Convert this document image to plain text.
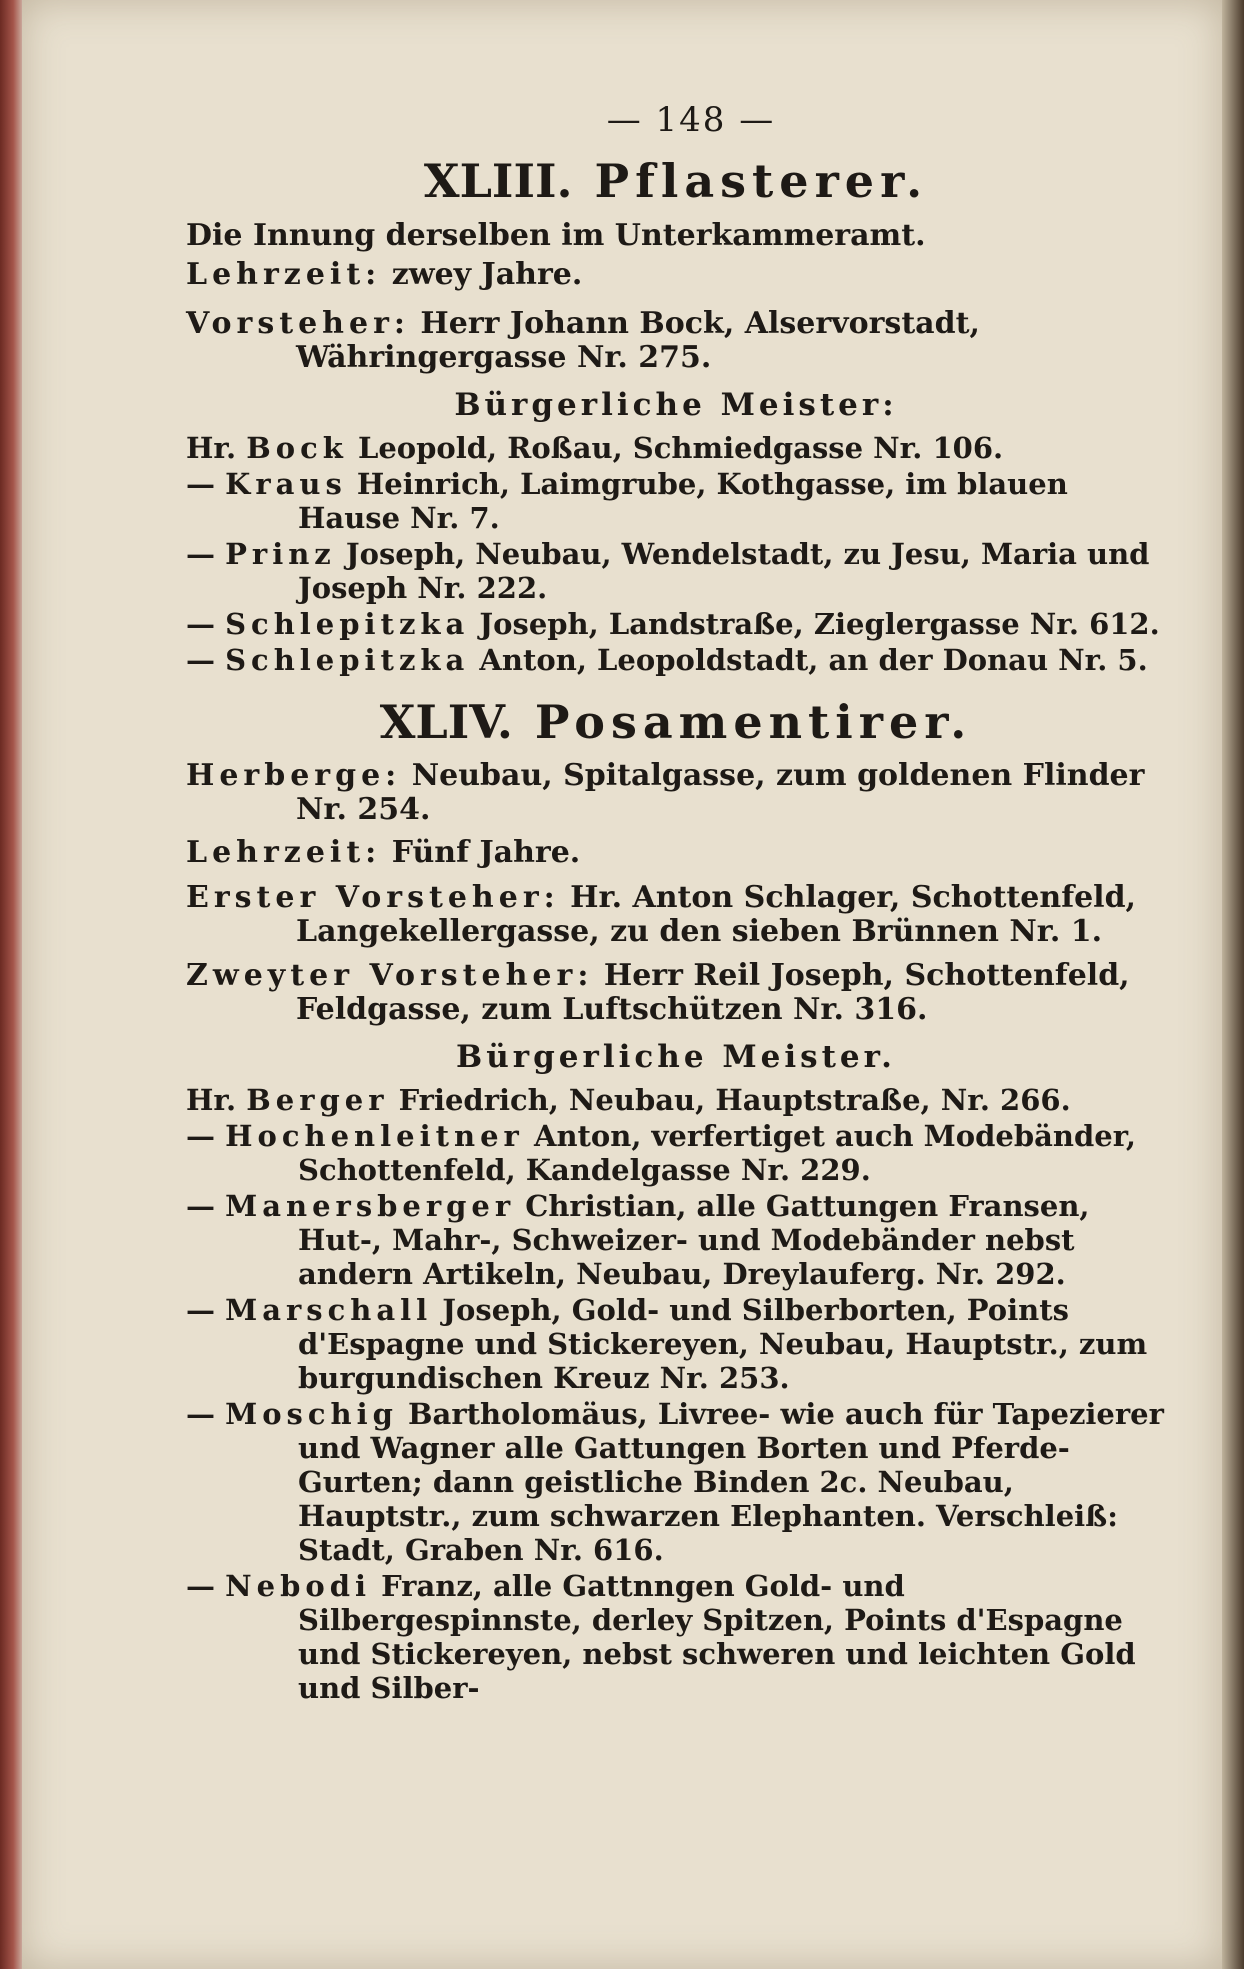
— 148 —
XLIII. Pflasterer.
Die Innung derselben im Unterkammeramt.
Lehrzeit: zwey Jahre.
Vorsteher: Herr Johann Bock, Alservorstadt, Währingergasse Nr. 275.
Bürgerliche Meister:
Hr. Bock Leopold, Roßau, Schmiedgasse Nr. 106.
— Kraus Heinrich, Laimgrube, Kothgasse, im blauen Hause Nr. 7.
— Prinz Joseph, Neubau, Wendelstadt, zu Jesu, Maria und Joseph Nr. 222.
— Schlepitzka Joseph, Landstraße, Zieglergasse Nr. 612.
— Schlepitzka Anton, Leopoldstadt, an der Donau Nr. 5.
XLIV. Posamentirer.
Herberge: Neubau, Spitalgasse, zum goldenen Flinder Nr. 254.
Lehrzeit: Fünf Jahre.
Erster Vorsteher: Hr. Anton Schlager, Schottenfeld, Langekellergasse, zu den sieben Brünnen Nr. 1.
Zweyter Vorsteher: Herr Reil Joseph, Schottenfeld, Feldgasse, zum Luftschützen Nr. 316.
Bürgerliche Meister.
Hr. Berger Friedrich, Neubau, Hauptstraße, Nr. 266.
— Hochenleitner Anton, verfertiget auch Modebänder, Schottenfeld, Kandelgasse Nr. 229.
— Manersberger Christian, alle Gattungen Fransen, Hut-, Mahr-, Schweizer- und Modebänder nebst andern Artikeln, Neubau, Dreylauferg. Nr. 292.
— Marschall Joseph, Gold- und Silberborten, Points d'Espagne und Stickereyen, Neubau, Hauptstr., zum burgundischen Kreuz Nr. 253.
— Moschig Bartholomäus, Livree- wie auch für Tapezierer und Wagner alle Gattungen Borten und Pferde-Gurten; dann geistliche Binden 2c. Neubau, Hauptstr., zum schwarzen Elephanten. Verschleiß: Stadt, Graben Nr. 616.
— Nebodi Franz, alle Gattnngen Gold- und Silbergespinnste, derley Spitzen, Points d'Espagne und Stickereyen, nebst schweren und leichten Gold und Silber-
